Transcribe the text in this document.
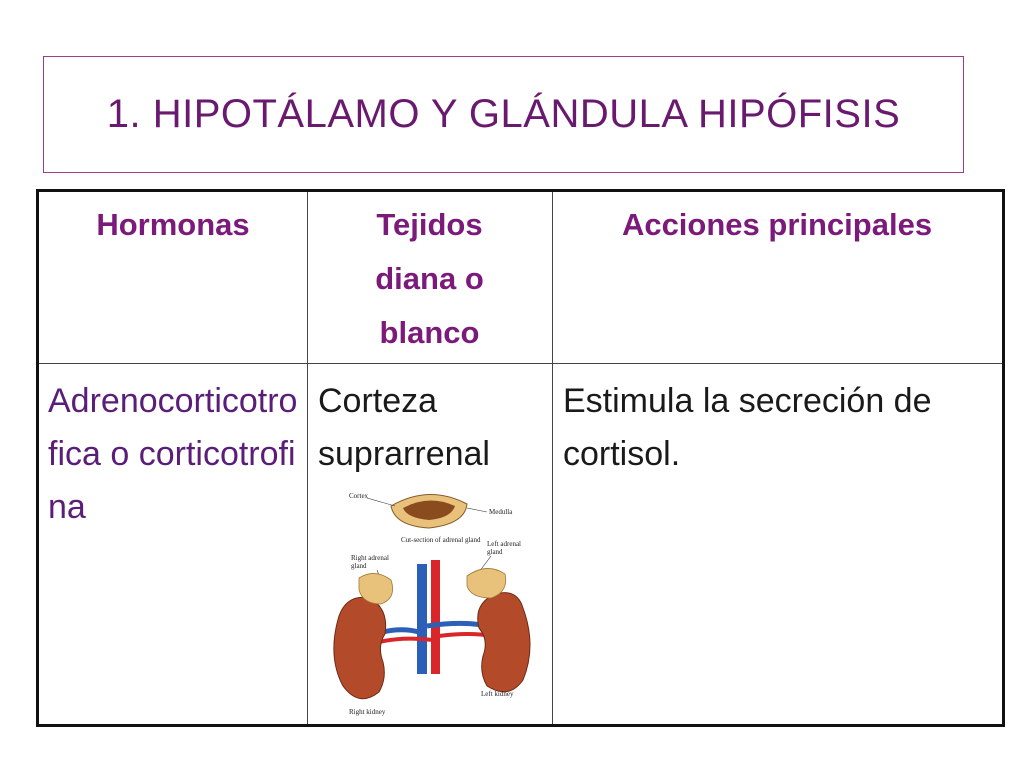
1. HIPOTÁLAMO Y GLÁNDULA HIPÓFISIS
Hormonas	Tejidos diana o blanco
Acciones principales
Adrenocorticotrofica o corticotrofina
Corteza suprarrenal
Estimula la secreción de cortisol.
Cortex
Medulla
Cut-section of adrenal gland
Right adrenal
gland
Left adrenal
gland
Right kidney
Left kidney
